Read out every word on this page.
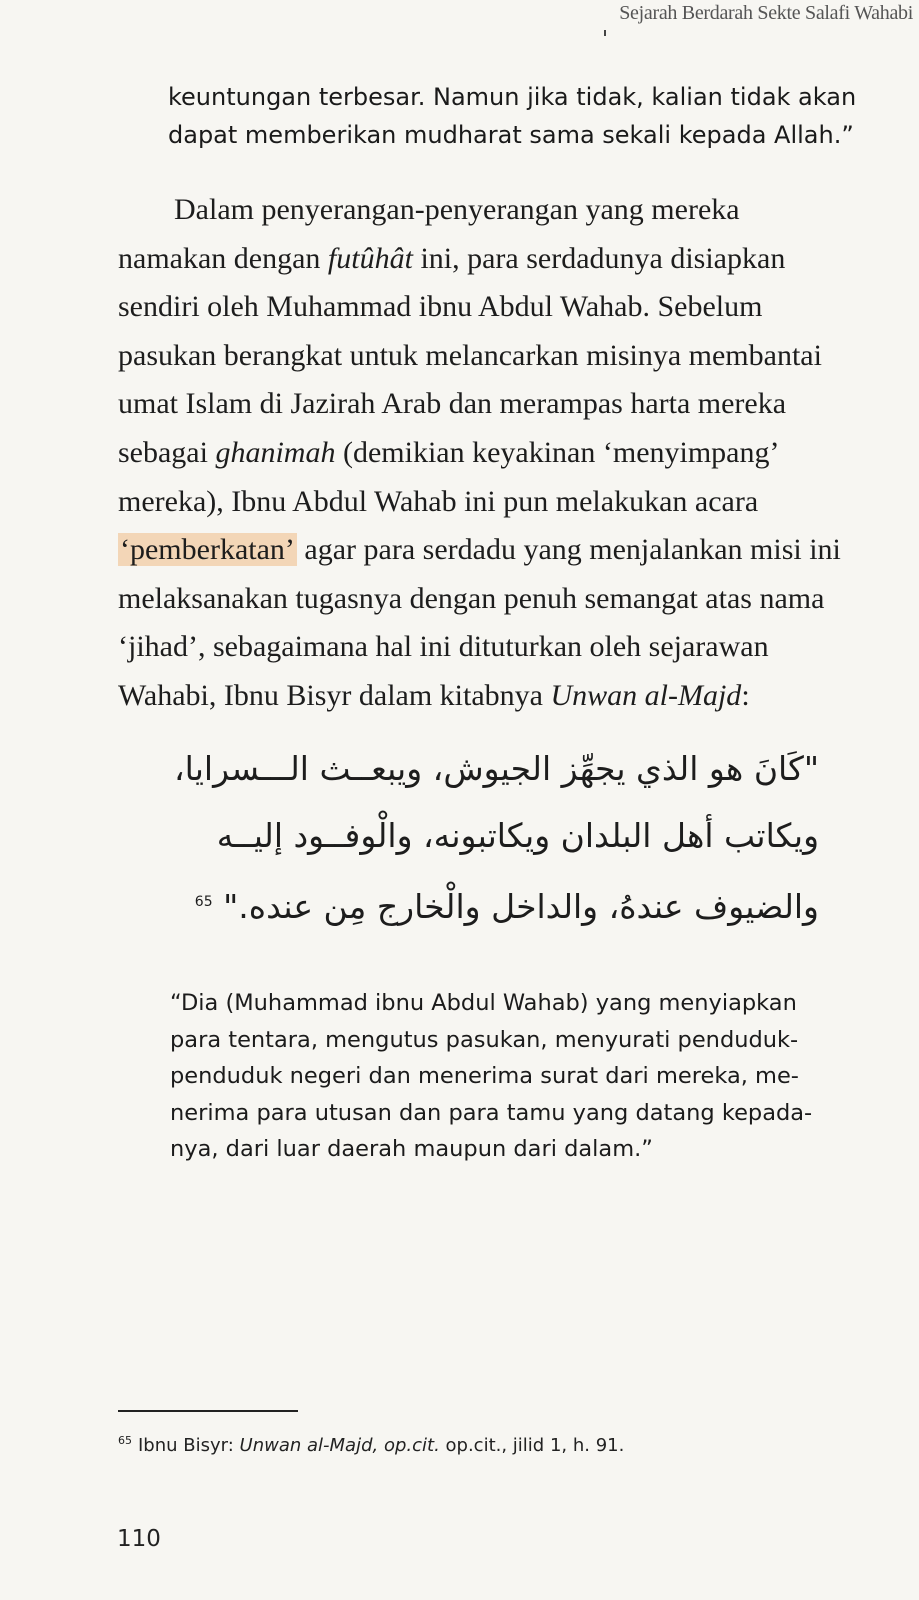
Sejarah Berdarah Sekte Salafi Wahabi
keuntungan terbesar. Namun jika tidak, kalian tidak akan
dapat memberikan mudharat sama sekali kepada Allah.”
Dalam penyerangan-penyerangan yang mereka
namakan dengan futûhât ini, para serdadunya disiapkan
sendiri oleh Muhammad ibnu Abdul Wahab. Sebelum
pasukan berangkat untuk melancarkan misinya membantai
umat Islam di Jazirah Arab dan merampas harta mereka
sebagai ghanimah (demikian keyakinan ‘menyimpang’
mereka), Ibnu Abdul Wahab ini pun melakukan acara
‘pemberkatan’ agar para serdadu yang menjalankan misi ini
melaksanakan tugasnya dengan penuh semangat atas nama
‘jihad’, sebagaimana hal ini dituturkan oleh sejarawan
Wahabi, Ibnu Bisyr dalam kitabnya Unwan al-Majd:
"كَانَ هو الذي يجهِّز الجيوش، ويبعــث الـــسرايا،
ويكاتب أهل البلدان ويكاتبونه، والْوفــود إليــه
والضيوف عندهُ، والداخل والْخارج مِن عنده." $^{65}$
“Dia (Muhammad ibnu Abdul Wahab) yang menyiapkan
para tentara, mengutus pasukan, menyurati penduduk-
penduduk negeri dan menerima surat dari mereka, me-
nerima para utusan dan para tamu yang datang kepada-
nya, dari luar daerah maupun dari dalam.”
$^{65}$ Ibnu Bisyr: Unwan al-Majd, op.cit. op.cit., jilid 1, h. 91.
110
